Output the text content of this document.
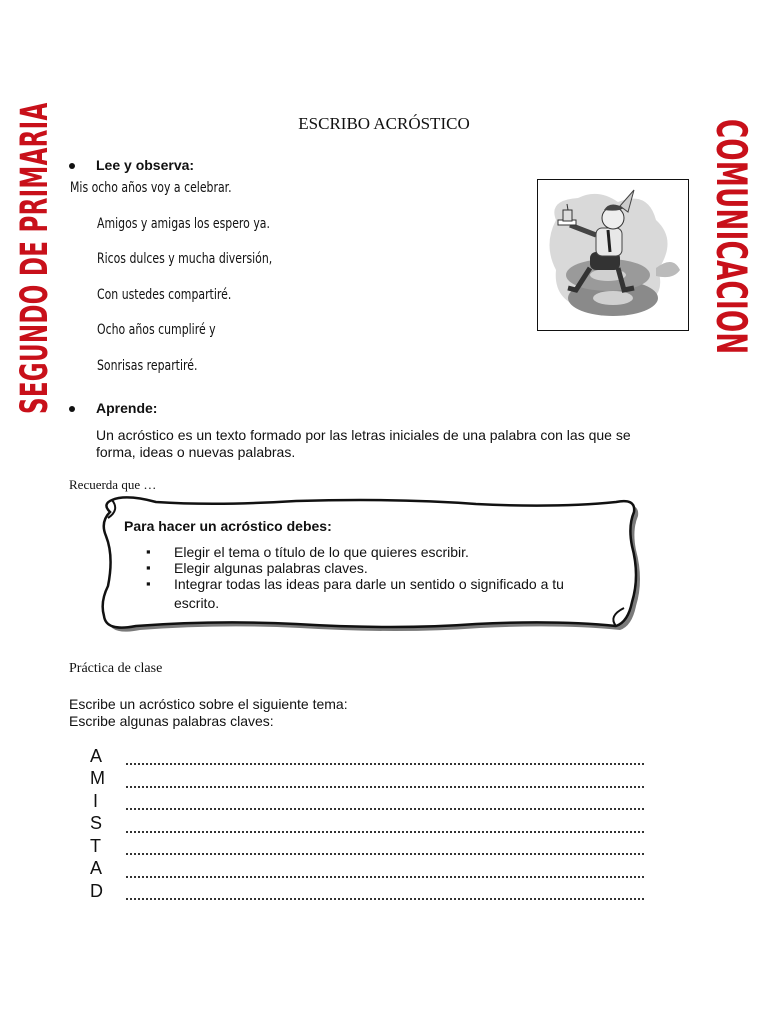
SEGUNDO DE PRIMARIA	COMUNICACION
ESCRIBO ACRÓSTICO
Lee y observa:
Mis ocho años voy a celebrar.
Amigos y amigas los espero ya.
Ricos dulces y mucha diversión,
Con ustedes compartiré.
Ocho años cumpliré y
Sonrisas repartiré.
Aprende:
Un acróstico es un texto formado por las letras iniciales de una palabra con las que se
forma, ideas o nuevas palabras.
Recuerda que …
Para hacer un acróstico debes:
▪ Elegir el tema o título de lo que quieres escribir.
▪ Elegir algunas palabras claves.
▪ Integrar todas las ideas para darle un sentido o significado a tu
escrito.
Práctica de clase
Escribe un acróstico sobre el siguiente tema:
Escribe algunas palabras claves:
A
M
I
S
T
A
D
